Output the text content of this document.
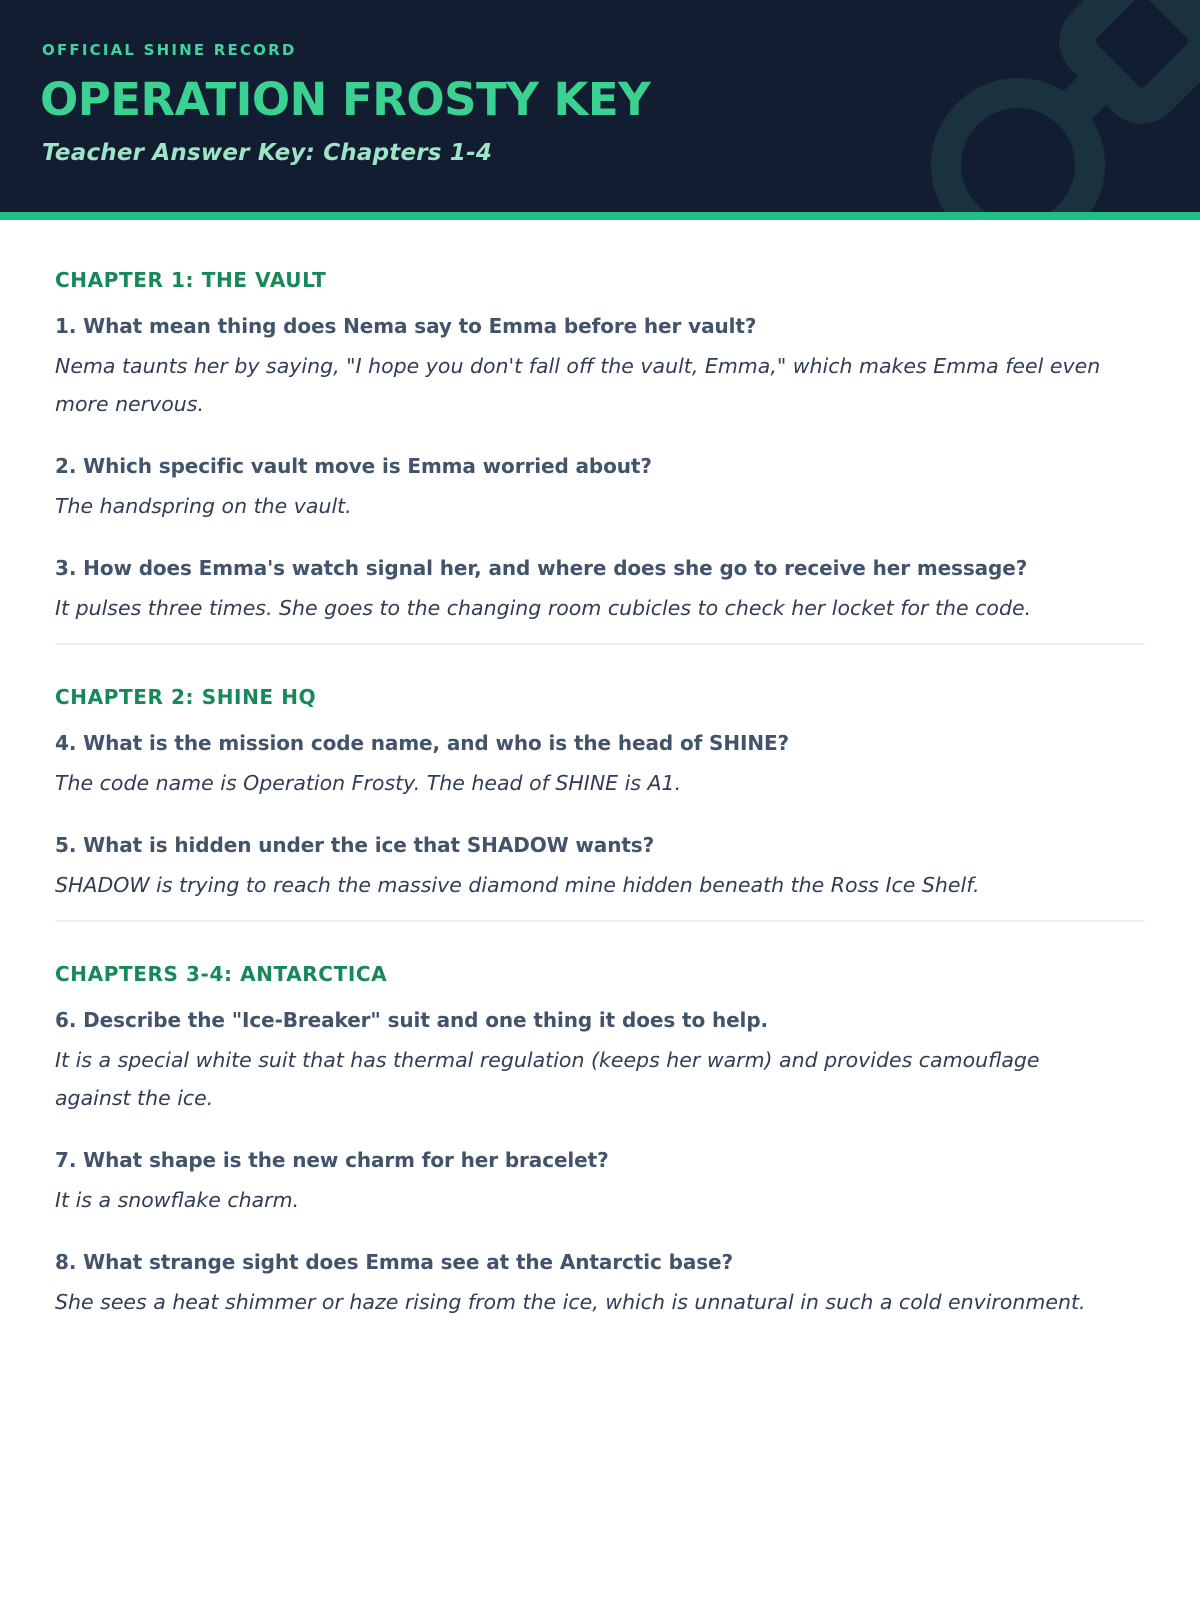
OFFICIAL SHINE RECORD
OPERATION FROSTY KEY
Teacher Answer Key: Chapters 1-4
CHAPTER 1: THE VAULT

1. What mean thing does Nema say to Emma before her vault?

Nema taunts her by saying, "I hope you don't fall off the vault, Emma," which makes Emma feel even more nervous.

2. Which specific vault move is Emma worried about?

The handspring on the vault.

3. How does Emma's watch signal her, and where does she go to receive her message?

It pulses three times. She goes to the changing room cubicles to check her locket for the code.

CHAPTER 2: SHINE HQ

4. What is the mission code name, and who is the head of SHINE?

The code name is Operation Frosty. The head of SHINE is A1.

5. What is hidden under the ice that SHADOW wants?

SHADOW is trying to reach the massive diamond mine hidden beneath the Ross Ice Shelf.

CHAPTERS 3-4: ANTARCTICA

6. Describe the "Ice-Breaker" suit and one thing it does to help.

It is a special white suit that has thermal regulation (keeps her warm) and provides camouflage against the ice.

7. What shape is the new charm for her bracelet?

It is a snowflake charm.

8. What strange sight does Emma see at the Antarctic base?

She sees a heat shimmer or haze rising from the ice, which is unnatural in such a cold environment.
